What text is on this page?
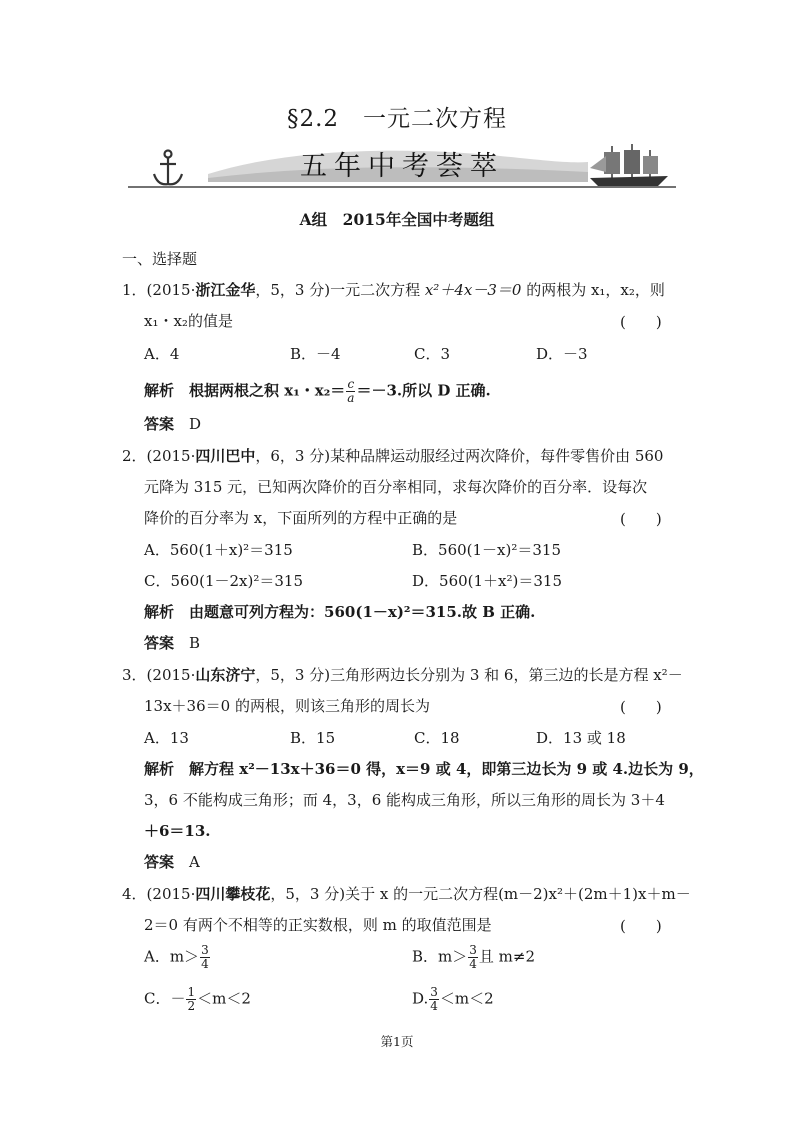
§2.2　一元二次方程
五年中考荟萃
A组　2015年全国中考题组
一、选择题
1．(2015·浙江金华，5，3 分)一元二次方程 x²＋4x－3＝0 的两根为 x₁，x₂，则
x₁・x₂的值是	(　　)
A．4	B．－4	C．3	D．－3
解析　 根据两根之积 x₁・$x_2= \frac{c}{a} =-3$.所以 D 正确.
答案　 D
2．(2015·四川巴中，6，3 分)某种品牌运动服经过两次降价，每件零售价由 560
元降为 315 元，已知两次降价的百分率相同，求每次降价的百分率．设每次
降价的百分率为 x，下面所列的方程中正确的是	(　　)
A．560(1＋x)²＝315	B．560(1－x)²＝315
C．560(1－2x)²＝315	D．560(1＋x²)＝315
解析　 由题意可列方程为：560(1－x)²＝315.故 B 正确.
答案　 B
3．(2015·山东济宁，5，3 分)三角形两边长分别为 3 和 6，第三边的长是方程 x²－
13x＋36＝0 的两根，则该三角形的周长为	(　　)
A．13	B．15	C．18	D．13 或 18
解析　 解方程 x²－13x＋36＝0 得，x＝9 或 4，即第三边长为 9 或 4.边长为 9，
3，6 不能构成三角形；而 4，3，6 能构成三角形，所以三角形的周长为 3＋4
＋6＝13.
答案　 A
4．(2015·四川攀枝花，5，3 分)关于 x 的一元二次方程(m－2)x²＋(2m＋1)x＋m－
2＝0 有两个不相等的正实数根，则 m 的取值范围是	(　　)
A．$m> \frac{3}{4}$	B．$m> \frac{3}{4}$ 且 m≠2
C．－ $\frac{1}{2} <m<2$	D. $\frac{3}{4} <m<2$
第1页
